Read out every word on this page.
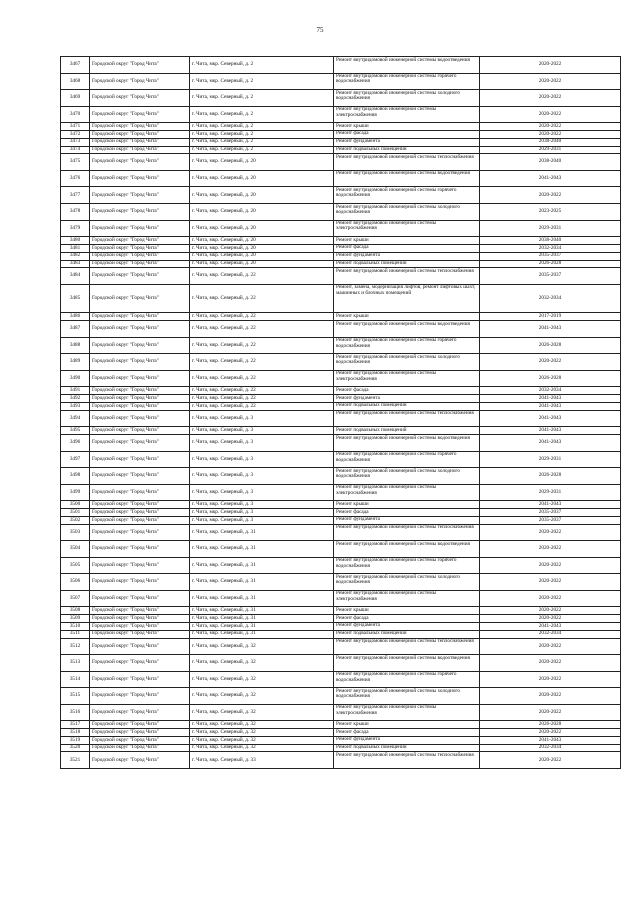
75
3467	Городской округ "Город Чита"	г. Чита, мкр. Северный, д. 2	Ремонт внутридомовой инженерной системы водоотведения	2020-2022
3468	Городской округ "Город Чита"	г. Чита, мкр. Северный, д. 2	Ремонт внутридомовой инженерной системы горячего водоснабжения	2020-2022
3469	Городской округ "Город Чита"	г. Чита, мкр. Северный, д. 2	Ремонт внутридомовой инженерной системы холодного водоснабжения	2020-2022
3470	Городской округ "Город Чита"	г. Чита, мкр. Северный, д. 2	Ремонт внутридомовой инженерной системы электроснабжения	2020-2022
3471	Городской округ "Город Чита"	г. Чита, мкр. Северный, д. 2	Ремонт крыши	2020-2022
3472	Городской округ "Город Чита"	г. Чита, мкр. Северный, д. 2	Ремонт фасада	2020-2022
3473	Городской округ "Город Чита"	г. Чита, мкр. Северный, д. 2	Ремонт фундамента	2038-2040
3474	Городской округ "Город Чита"	г. Чита, мкр. Северный, д. 2	Ремонт подвальных помещений	2029-2031
3475	Городской округ "Город Чита"	г. Чита, мкр. Северный, д. 20	Ремонт внутридомовой инженерной системы теплоснабжения	2038-2040
3476	Городской округ "Город Чита"	г. Чита, мкр. Северный, д. 20	Ремонт внутридомовой инженерной системы водоотведения	2041-2043
3477	Городской округ "Город Чита"	г. Чита, мкр. Северный, д. 20	Ремонт внутридомовой инженерной системы горячего водоснабжения	2020-2022
3478	Городской округ "Город Чита"	г. Чита, мкр. Северный, д. 20	Ремонт внутридомовой инженерной системы холодного водоснабжения	2023-2025
3479	Городской округ "Город Чита"	г. Чита, мкр. Северный, д. 20	Ремонт внутридомовой инженерной системы электроснабжения	2029-2031
3480	Городской округ "Город Чита"	г. Чита, мкр. Северный, д. 20	Ремонт крыши	2038-2040
3481	Городской округ "Город Чита"	г. Чита, мкр. Северный, д. 20	Ремонт фасада	2032-2034
3482	Городской округ "Город Чита"	г. Чита, мкр. Северный, д. 20	Ремонт фундамента	2035-2037
3483	Городской округ "Город Чита"	г. Чита, мкр. Северный, д. 20	Ремонт подвальных помещений	2026-2028
3484	Городской округ "Город Чита"	г. Чита, мкр. Северный, д. 22	Ремонт внутридомовой инженерной системы теплоснабжения	2035-2037
3485	Городской округ "Город Чита"	г. Чита, мкр. Северный, д. 22	Ремонт, замена, модернизация лифтов, ремонт лифтовых шахт, машинных и блочных помещений	2032-2034
3486	Городской округ "Город Чита"	г. Чита, мкр. Северный, д. 22	Ремонт крыши	2017-2019
3487	Городской округ "Город Чита"	г. Чита, мкр. Северный, д. 22	Ремонт внутридомовой инженерной системы водоотведения	2041-2043
3488	Городской округ "Город Чита"	г. Чита, мкр. Северный, д. 22	Ремонт внутридомовой инженерной системы горячего водоснабжения	2026-2028
3489	Городской округ "Город Чита"	г. Чита, мкр. Северный, д. 22	Ремонт внутридомовой инженерной системы холодного водоснабжения	2020-2022
3490	Городской округ "Город Чита"	г. Чита, мкр. Северный, д. 22	Ремонт внутридомовой инженерной системы электроснабжения	2026-2028
3491	Городской округ "Город Чита"	г. Чита, мкр. Северный, д. 22	Ремонт фасада	2032-2034
3492	Городской округ "Город Чита"	г. Чита, мкр. Северный, д. 22	Ремонт фундамента	2041-2043
3493	Городской округ "Город Чита"	г. Чита, мкр. Северный, д. 22	Ремонт подвальных помещений	2041-2043
3494	Городской округ "Город Чита"	г. Чита, мкр. Северный, д. 3	Ремонт внутридомовой инженерной системы теплоснабжения	2041-2043
3495	Городской округ "Город Чита"	г. Чита, мкр. Северный, д. 3	Ремонт подвальных помещений	2041-2043
3496	Городской округ "Город Чита"	г. Чита, мкр. Северный, д. 3	Ремонт внутридомовой инженерной системы водоотведения	2041-2043
3497	Городской округ "Город Чита"	г. Чита, мкр. Северный, д. 3	Ремонт внутридомовой инженерной системы горячего водоснабжения	2029-2031
3498	Городской округ "Город Чита"	г. Чита, мкр. Северный, д. 3	Ремонт внутридомовой инженерной системы холодного водоснабжения	2026-2028
3499	Городской округ "Город Чита"	г. Чита, мкр. Северный, д. 3	Ремонт внутридомовой инженерной системы электроснабжения	2029-2031
3500	Городской округ "Город Чита"	г. Чита, мкр. Северный, д. 3	Ремонт крыши	2041-2043
3501	Городской округ "Город Чита"	г. Чита, мкр. Северный, д. 3	Ремонт фасада	2035-2037
3502	Городской округ "Город Чита"	г. Чита, мкр. Северный, д. 3	Ремонт фундамента	2035-2037
3503	Городской округ "Город Чита"	г. Чита, мкр. Северный, д. 31	Ремонт внутридомовой инженерной системы теплоснабжения	2020-2022
3504	Городской округ "Город Чита"	г. Чита, мкр. Северный, д. 31	Ремонт внутридомовой инженерной системы водоотведения	2020-2022
3505	Городской округ "Город Чита"	г. Чита, мкр. Северный, д. 31	Ремонт внутридомовой инженерной системы горячего водоснабжения	2020-2022
3506	Городской округ "Город Чита"	г. Чита, мкр. Северный, д. 31	Ремонт внутридомовой инженерной системы холодного водоснабжения	2020-2022
3507	Городской округ "Город Чита"	г. Чита, мкр. Северный, д. 31	Ремонт внутридомовой инженерной системы электроснабжения	2020-2022
3508	Городской округ "Город Чита"	г. Чита, мкр. Северный, д. 31	Ремонт крыши	2020-2022
3509	Городской округ "Город Чита"	г. Чита, мкр. Северный, д. 31	Ремонт фасада	2020-2022
3510	Городской округ "Город Чита"	г. Чита, мкр. Северный, д. 31	Ремонт фундамента	2041-2043
3511	Городской округ "Город Чита"	г. Чита, мкр. Северный, д. 31	Ремонт подвальных помещений	2032-2034
3512	Городской округ "Город Чита"	г. Чита, мкр. Северный, д. 32	Ремонт внутридомовой инженерной системы теплоснабжения	2020-2022
3513	Городской округ "Город Чита"	г. Чита, мкр. Северный, д. 32	Ремонт внутридомовой инженерной системы водоотведения	2020-2022
3514	Городской округ "Город Чита"	г. Чита, мкр. Северный, д. 32	Ремонт внутридомовой инженерной системы горячего водоснабжения	2020-2022
3515	Городской округ "Город Чита"	г. Чита, мкр. Северный, д. 32	Ремонт внутридомовой инженерной системы холодного водоснабжения	2020-2022
3516	Городской округ "Город Чита"	г. Чита, мкр. Северный, д. 32	Ремонт внутридомовой инженерной системы электроснабжения	2020-2022
3517	Городской округ "Город Чита"	г. Чита, мкр. Северный, д. 32	Ремонт крыши	2026-2028
3518	Городской округ "Город Чита"	г. Чита, мкр. Северный, д. 32	Ремонт фасада	2020-2022
3519	Городской округ "Город Чита"	г. Чита, мкр. Северный, д. 32	Ремонт фундамента	2041-2043
3520	Городской округ "Город Чита"	г. Чита, мкр. Северный, д. 32	Ремонт подвальных помещений	2032-2034
3521	Городской округ "Город Чита"	г. Чита, мкр. Северный, д. 33	Ремонт внутридомовой инженерной системы теплоснабжения	2020-2022
